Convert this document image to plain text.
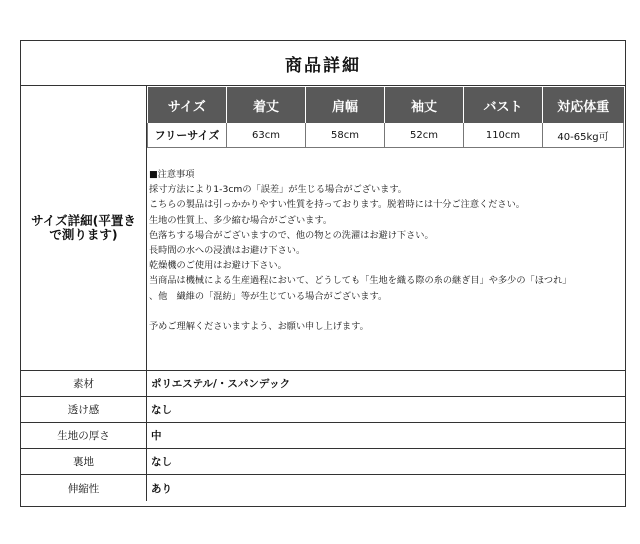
商品詳細
サイズ詳細(平置きで測ります)
サイズ	着丈	肩幅	袖丈	バスト	対応体重
フリーサイズ	63cm	58cm	52cm	110cm	40-65kg可
■注意事項
採寸方法により1-3cmの「誤差」が生じる場合がございます。
こちらの製品は引っかかりやすい性質を持っております。脱着時には十分ご注意ください。
生地の性質上、多少縮む場合がございます。
色落ちする場合がございますので、他の物との洗濯はお避け下さい。
長時間の水への浸漬はお避け下さい。
乾燥機のご使用はお避け下さい。
当商品は機械による生産過程において、どうしても「生地を織る際の糸の継ぎ目」や多少の「ほつれ」
、他　繊維の「混紡」等が生じている場合がございます。
予めご理解くださいますよう、お願い申し上げます。
素材	ポリエステル/・スパンデック
透け感	なし
生地の厚さ	中
裏地	なし
伸縮性	あり
